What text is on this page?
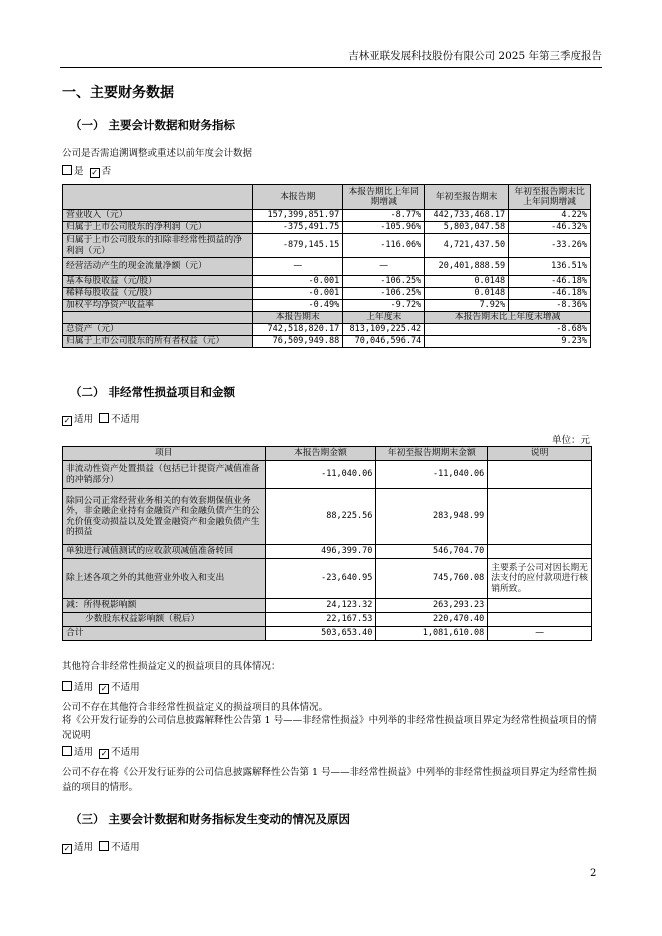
吉林亚联发展科技股份有限公司 2025 年第三季度报告
一、主要财务数据
（一） 主要会计数据和财务指标
公司是否需追溯调整或重述以前年度会计数据
是 ✓ 否
	本报告期	本报告期比上年同期增减	年初至报告期末	年初至报告期末比上年同期增减
营业收入（元）	157,399,851.97	-8.77%	442,733,468.17	4.22%
归属于上市公司股东的净利润（元）	-375,491.75	-105.96%	5,803,047.58	-46.32%
归属于上市公司股东的扣除非经常性损益的净利润（元）	-879,145.15	-116.06%	4,721,437.50	-33.26%
经营活动产生的现金流量净额（元）	—	—	20,401,888.59	136.51%
基本每股收益（元/股）	-0.001	-106.25%	0.0148	-46.18%
稀释每股收益（元/股）	-0.001	-106.25%	0.0148	-46.18%
加权平均净资产收益率	-0.49%	-9.72%	7.92%	-8.36%
	本报告期末	上年度末	本报告期末比上年度末增减	
总资产（元）	742,518,820.17	813,109,225.42	-8.68%	
归属于上市公司股东的所有者权益（元）	76,509,949.88	70,046,596.74	9.23%	
（二） 非经常性损益项目和金额
✓ 适用 不适用
单位：元
项目	本报告期金额	年初至报告期期末金额	说明
非流动性资产处置损益（包括已计提资产减值准备的冲销部分）	-11,040.06	-11,040.06	
除同公司正常经营业务相关的有效套期保值业务外，非金融企业持有金融资产和金融负债产生的公允价值变动损益以及处置金融资产和金融负债产生的损益	88,225.56	283,948.99	
单独进行减值测试的应收款项减值准备转回	496,399.70	546,704.70	
除上述各项之外的其他营业外收入和支出	-23,640.95	745,760.08	主要系子公司对因长期无法支付的应付款项进行核销所致。
减：所得税影响额	24,123.32	263,293.23	
少数股东权益影响额（税后）	22,167.53	220,470.40	
合计	503,653.40	1,081,610.08	—
其他符合非经常性损益定义的损益项目的具体情况：
适用 ✓ 不适用
公司不存在其他符合非经常性损益定义的损益项目的具体情况。
将《公开发行证券的公司信息披露解释性公告第 1 号——非经常性损益》中列举的非经常性损益项目界定为经常性损益项目的情况说明
适用 ✓ 不适用
公司不存在将《公开发行证券的公司信息披露解释性公告第 1 号——非经常性损益》中列举的非经常性损益项目界定为经常性损益的项目的情形。
（三） 主要会计数据和财务指标发生变动的情况及原因
✓ 适用 不适用
2
